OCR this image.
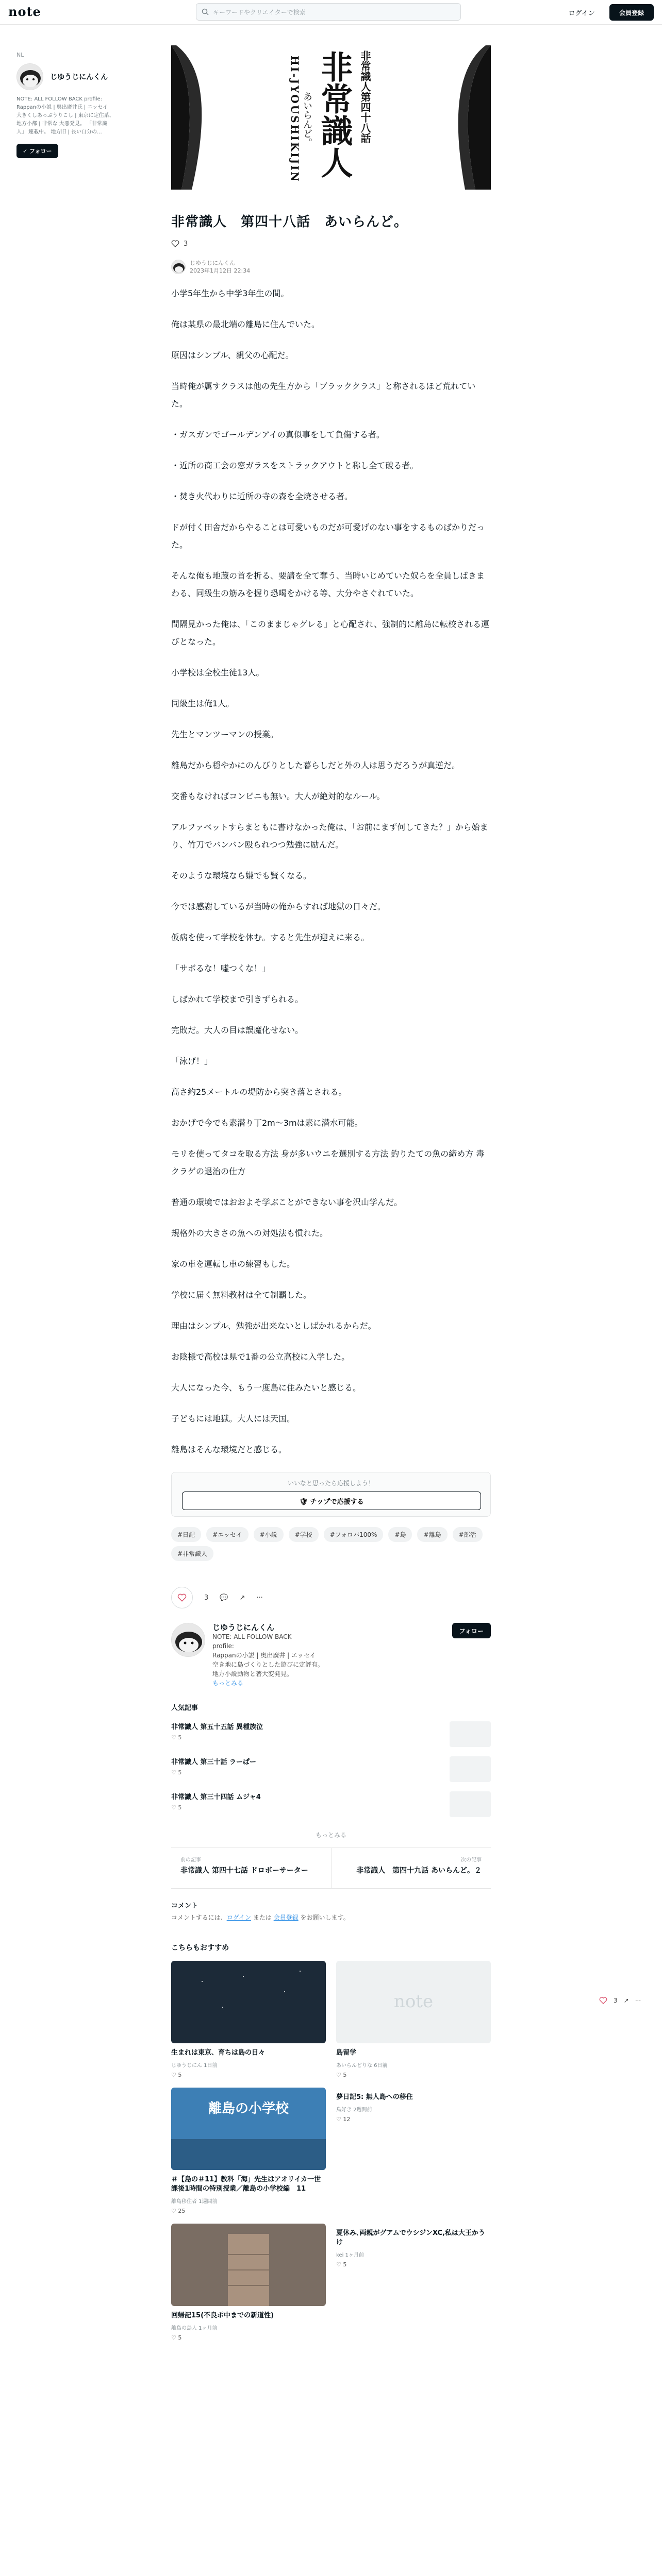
note	キーワードやクリエイターで検索	ログイン	会員登録
NL
じゆうじにんくん
NOTE: ALL FOLLOW BACK profile: Rappanの小説 | 奥出廣井氏 | エッセイ 大きくしあっぷうりこし | 東京に定住系、 地方小都 | 非常な 大悪発見。 「非常識人」 連載中。 地方旧 | 長い自分の...
✓ フォロー
非常識人第四十八話
非常識人
あいらんど。
HI-JYOUSHIKIJIN
非常識人　第四十八話　あいらんど。
3
じゆうじにんくん
2023年1月12日 22:34

小学5年生から中学3年生の間。

俺は某県の最北端の離島に住んでいた。

原因はシンプル、親父の心配だ。

当時俺が属すクラスは他の先生方から「ブラッククラス」と称されるほど荒れていた。

・ガスガンでゴールデンアイの真似事をして負傷する者。

・近所の商工会の窓ガラスをストラックアウトと称し全て破る者。

・焚き火代わりに近所の寺の森を全焼させる者。

ドが付く田舎だからやることは可愛いものだが可愛げのない事をするものばかりだった。

そんな俺も地蔵の首を折る、要請を全て奪う、当時いじめていた奴らを全員しばきまわる、同級生の筋みを握り恐喝をかける等、大分やさぐれていた。

間隔見かった俺は、「このままじゃグレる」と心配され、強制的に離島に転校される運びとなった。

小学校は全校生徒13人。

同級生は俺1人。

先生とマンツーマンの授業。

離島だから穏やかにのんびりとした暮らしだと外の人は思うだろうが真逆だ。

交番もなければコンビニも無い。大人が絶対的なルール。

アルファベットすらまともに書けなかった俺は、「お前にまず何してきた？」から始まり、竹刀でバンバン殴られつつ勉強に励んだ。

そのような環境なら嫌でも賢くなる。

今では感謝しているが当時の俺からすれば地獄の日々だ。

仮病を使って学校を休む。すると先生が迎えに来る。

「サボるな！嘘つくな！」

しばかれて学校まで引きずられる。

完敗だ。大人の目は誤魔化せない。

「泳げ！」

高さ約25メートルの堤防から突き落とされる。

おかげで今でも素潜り丁2m〜3mは素に潜水可能。

モリを使ってタコを取る方法 身が多いウニを選別する方法 釣りたての魚の締め方 毒クラゲの退治の仕方

普通の環境ではおおよそ学ぶことができない事を沢山学んだ。

規格外の大きさの魚への対処法も慣れた。

家の車を運転し車の練習もした。

学校に届く無料教材は全て制覇した。

理由はシンプル、勉強が出来ないとしばかれるからだ。

お陰様で高校は県で1番の公立高校に入学した。

大人になった今、もう一度島に住みたいと感じる。

子どもには地獄。大人には天国。

離島はそんな環境だと感じる。

いいなと思ったら応援しよう！
🛡 チップで応援する
#日記	#エッセイ	#小説	#学校	#フォロバ100%	#島	#離島	#部活
#非常識人
3 💬 ↗ ···
じゆうじにんくん
NOTE: ALL FOLLOW BACK
profile:
Rappanの小説 | 奥出廣井 | エッセイ
空き地に島づくりとした遊びに定評有。
地方小説動物と著大変発見。
もっとみる
フォロー
人気記事
非常識人 第五十五話 異種族泣
♡ 5
非常識人 第三十話 ラーぱー
♡ 5
非常識人 第三十四話 ムジャ4
♡ 5
もっとみる
前の記事
非常識人 第四十七話 ドロボーサーター
次の記事
非常識人　第四十九話 あいらんど。２
コメント
コメントするには、ログイン または 会員登録 をお願いします。
こちらもおすすめ
生まれは東京、育ちは島の日々
じゆうじにん 1日前
♡ 5
note
島留学
あいらんどりな 6日前
♡ 5
離島の小学校
＃【島の＃11】教科「海」先生はアオリイカ一世課後1時間の特別授業／離島の小学校編　11
離島移住者 1週間前
♡ 25
夢日記5: 無人島への移住
鳥好き 2週間前
♡ 12
回帰記15(不良ポ中までの新道性)
離島の島人 1ヶ月前
♡ 5
夏休み､両親がグアムでウシジンXC,私は大王かうけ
kei 1ヶ月前
♡ 5
3 ↗ ···
